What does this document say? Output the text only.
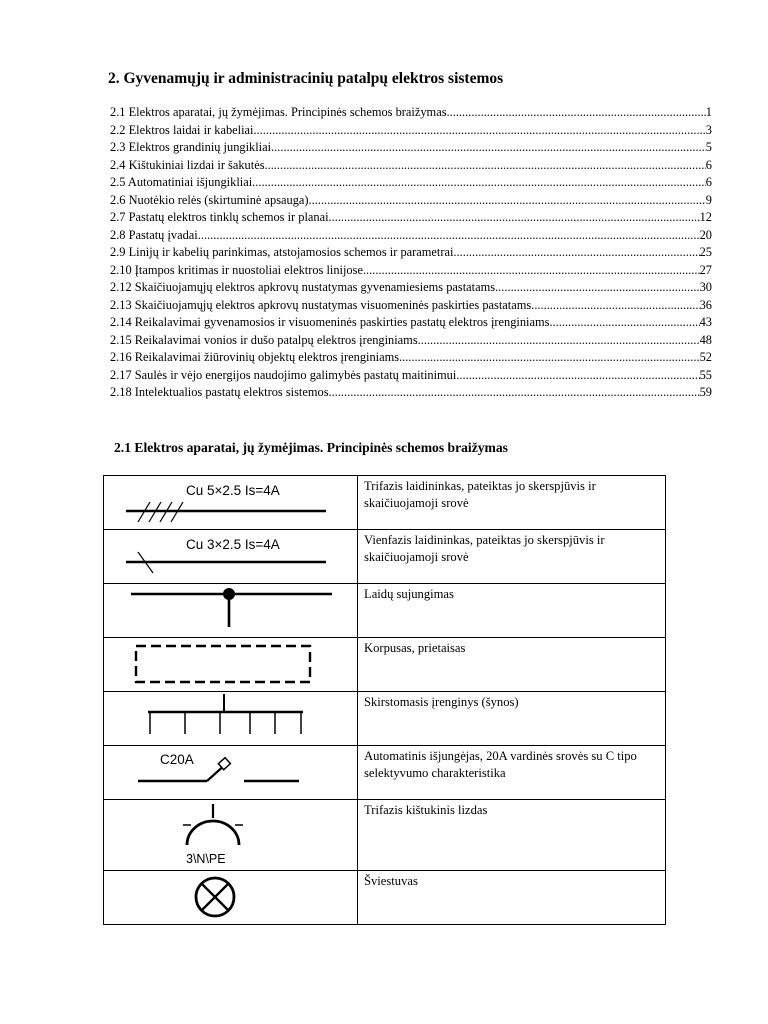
2. Gyvenamųjų ir administracinių patalpų elektros sistemos
2.1 Elektros aparatai, jų žymėjimas. Principinės schemos braižymas .....	1
2.2 Elektros laidai ir kabeliai .....	3
2.3 Elektros grandinių jungikliai .....	5
2.4 Kištukiniai lizdai ir šakutės .....	6
2.5 Automatiniai išjungikliai .....	6
2.6 Nuotėkio relės (skirtuminė apsauga) .....	9
2.7 Pastatų elektros tinklų schemos ir planai .....	12
2.8 Pastatų įvadai .....	20
2.9 Linijų ir kabelių parinkimas, atstojamosios schemos ir parametrai .....	25
2.10 Įtampos kritimas ir nuostoliai elektros linijose .....	27
2.12 Skaičiuojamųjų elektros apkrovų nustatymas gyvenamiesiems pastatams .....	30
2.13 Skaičiuojamųjų elektros apkrovų nustatymas visuomeninės paskirties pastatams .....	36
2.14 Reikalavimai gyvenamosios ir visuomeninės paskirties pastatų elektros įrenginiams .....	43
2.15 Reikalavimai vonios ir dušo patalpų elektros įrenginiams .....	48
2.16 Reikalavimai žiūrovinių objektų elektros įrenginiams .....	52
2.17 Saulės ir vėjo energijos naudojimo galimybės pastatų maitinimui .....	55
2.18 Intelektualios pastatų elektros sistemos .....	59
2.1 Elektros aparatai, jų žymėjimas. Principinės schemos braižymas
Cu 5×2.5 Is=4A	Trifazis laidininkas, pateiktas jo skerspjūvis ir skaičiuojamoji srovė

Cu 3×2.5 Is=4A	Vienfazis laidininkas, pateiktas jo skerspjūvis ir skaičiuojamoji srovė

	Laidų sujungimas

	Korpusas, prietaisas

	Skirstomasis įrenginys (šynos)

C20A	Automatinis išjungėjas, 20A vardinės srovės su C tipo selektyvumo charakteristika

3\N\PE	Trifazis kištukinis lizdas

	Šviestuvas
